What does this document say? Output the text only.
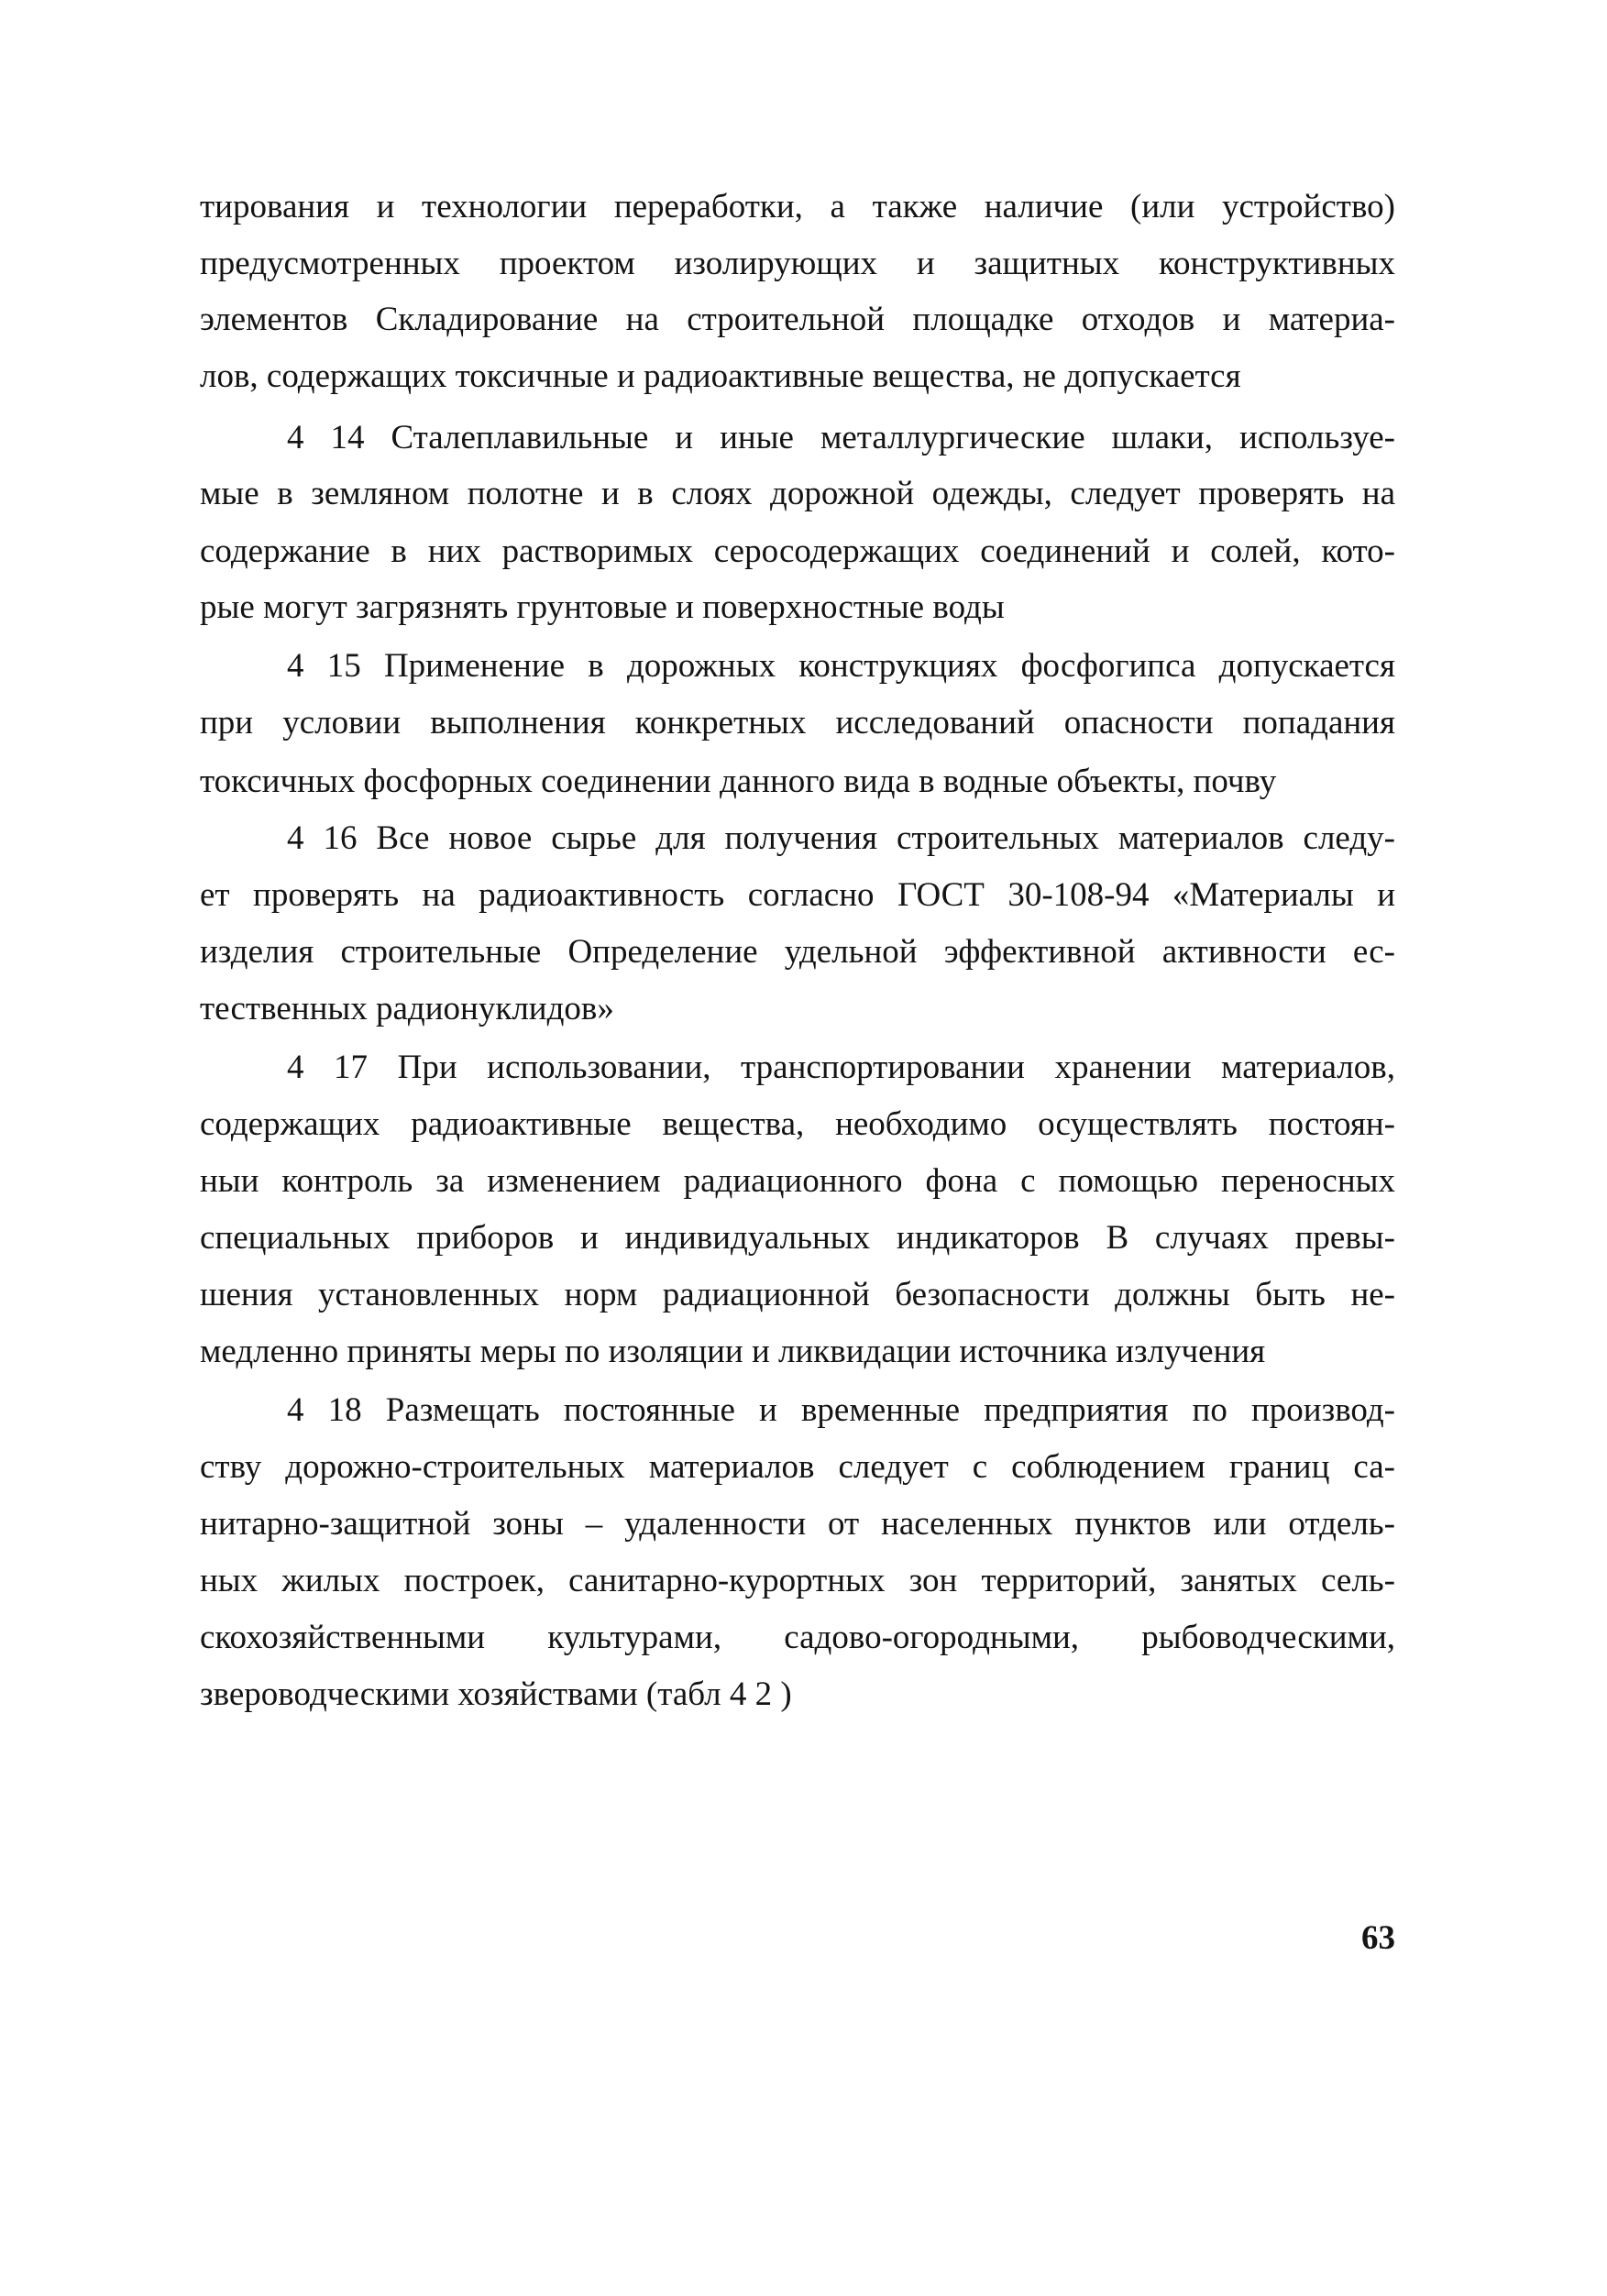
тирования и технологии переработки, а также наличие (или устройство)
предусмотренных проектом изолирующих и защитных конструктивных
элементов Складирование на строительной площадке отходов и материа-
лов, содержащих токсичные и радиоактивные вещества, не допускается
4 14 Сталеплавильные и иные металлургические шлаки, используе-
мые в земляном полотне и в слоях дорожной одежды, следует проверять на
содержание в них растворимых серосодержащих соединений и солей, кото-
рые могут загрязнять грунтовые и поверхностные воды
4 15 Применение в дорожных конструкциях фосфогипса допускается
при условии выполнения конкретных исследований опасности попадания
токсичных фосфорных соединении данного вида в водные объекты, почву
4 16 Все новое сырье для получения строительных материалов следу-
ет проверять на радиоактивность согласно ГОСТ 30-108-94 «Материалы и
изделия строительные Определение удельной эффективной активности ес-
тественных радионуклидов»
4 17 При использовании, транспортировании хранении материалов,
содержащих радиоактивные вещества, необходимо осуществлять постоян-
ныи контроль за изменением радиационного фона с помощью переносных
специальных приборов и индивидуальных индикаторов В случаях превы-
шения установленных норм радиационной безопасности должны быть не-
медленно приняты меры по изоляции и ликвидации источника излучения
4 18 Размещать постоянные и временные предприятия по производ-
ству дорожно-строительных материалов следует с соблюдением границ са-
нитарно-защитной зоны – удаленности от населенных пунктов или отдель-
ных жилых построек, санитарно-курортных зон территорий, занятых сель-
скохозяйственными культурами, садово-огородными, рыбоводческими,
звероводческими хозяйствами (табл 4 2 )
63
